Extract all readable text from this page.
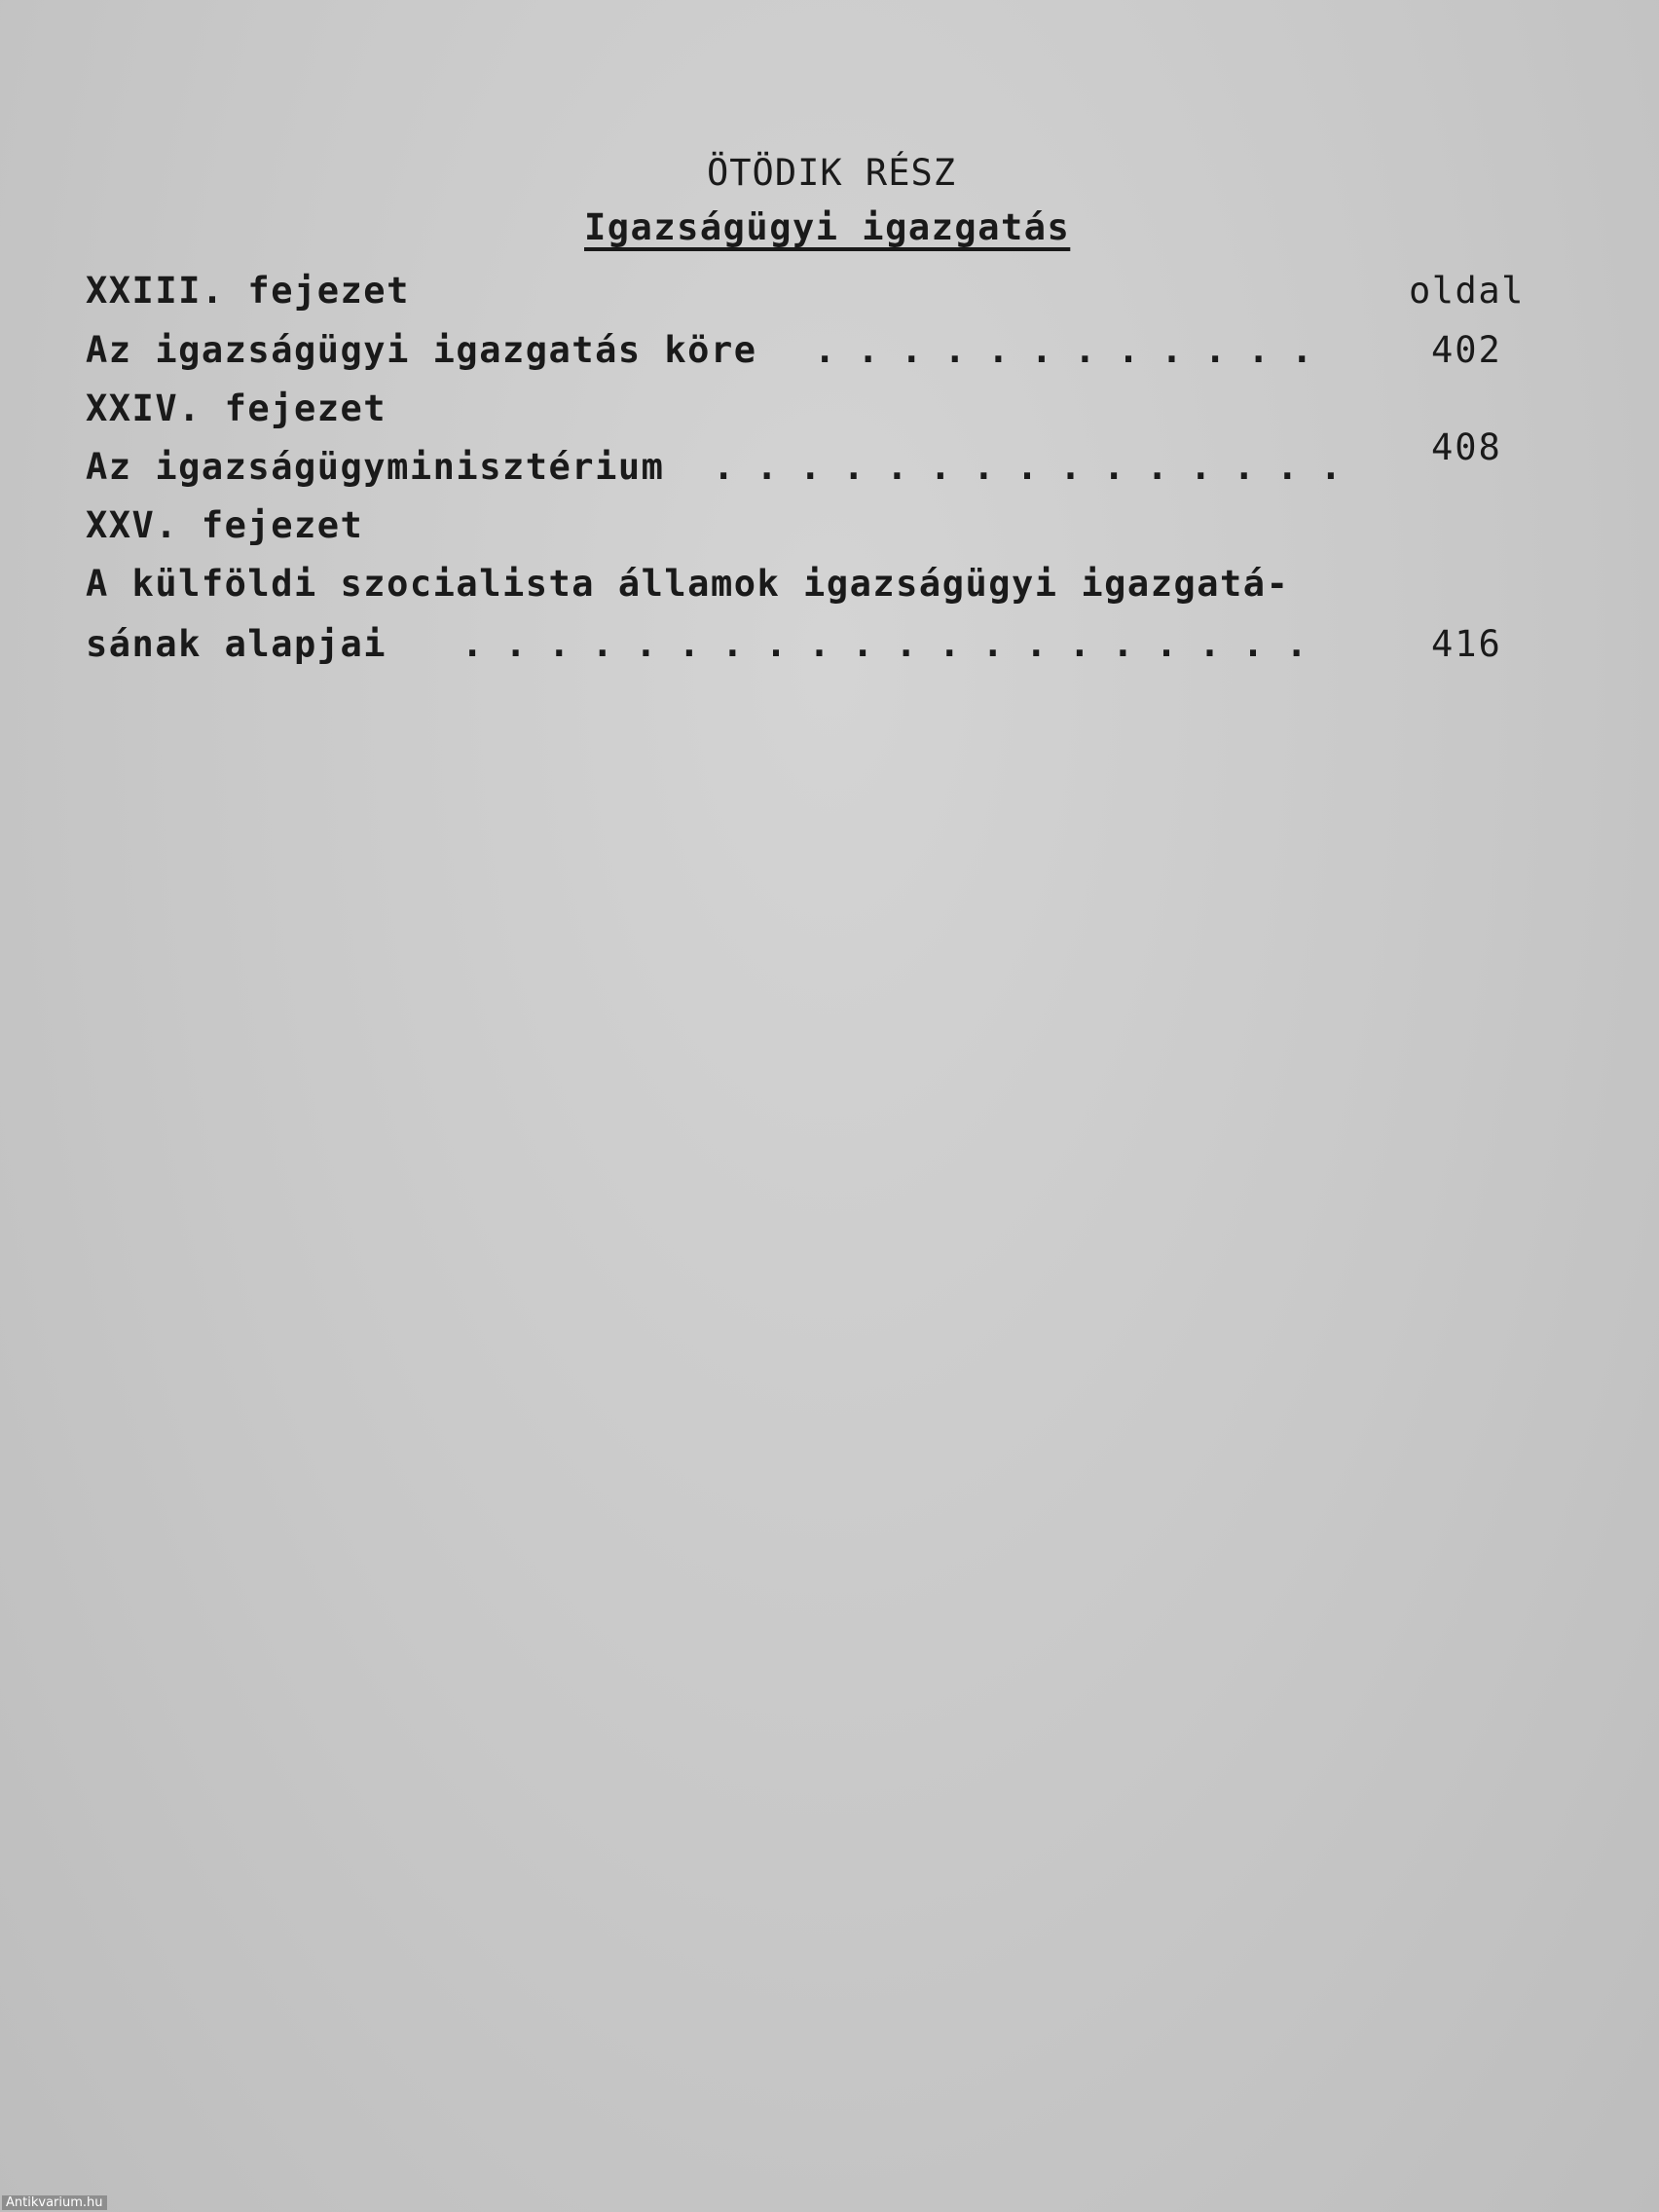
ÖTÖDIK RÉSZ
Igazságügyi igazgatás
XXIII. fejezet	oldal
Az igazságügyi igazgatás köre . . .	402
XXIV. fejezet
Az igazságügyminisztérium . . .	408
XXV. fejezet
A külföldi szocialista államok igazságügyi igazgatá-
sának alapjai . . .	416
Antikvarium.hu
